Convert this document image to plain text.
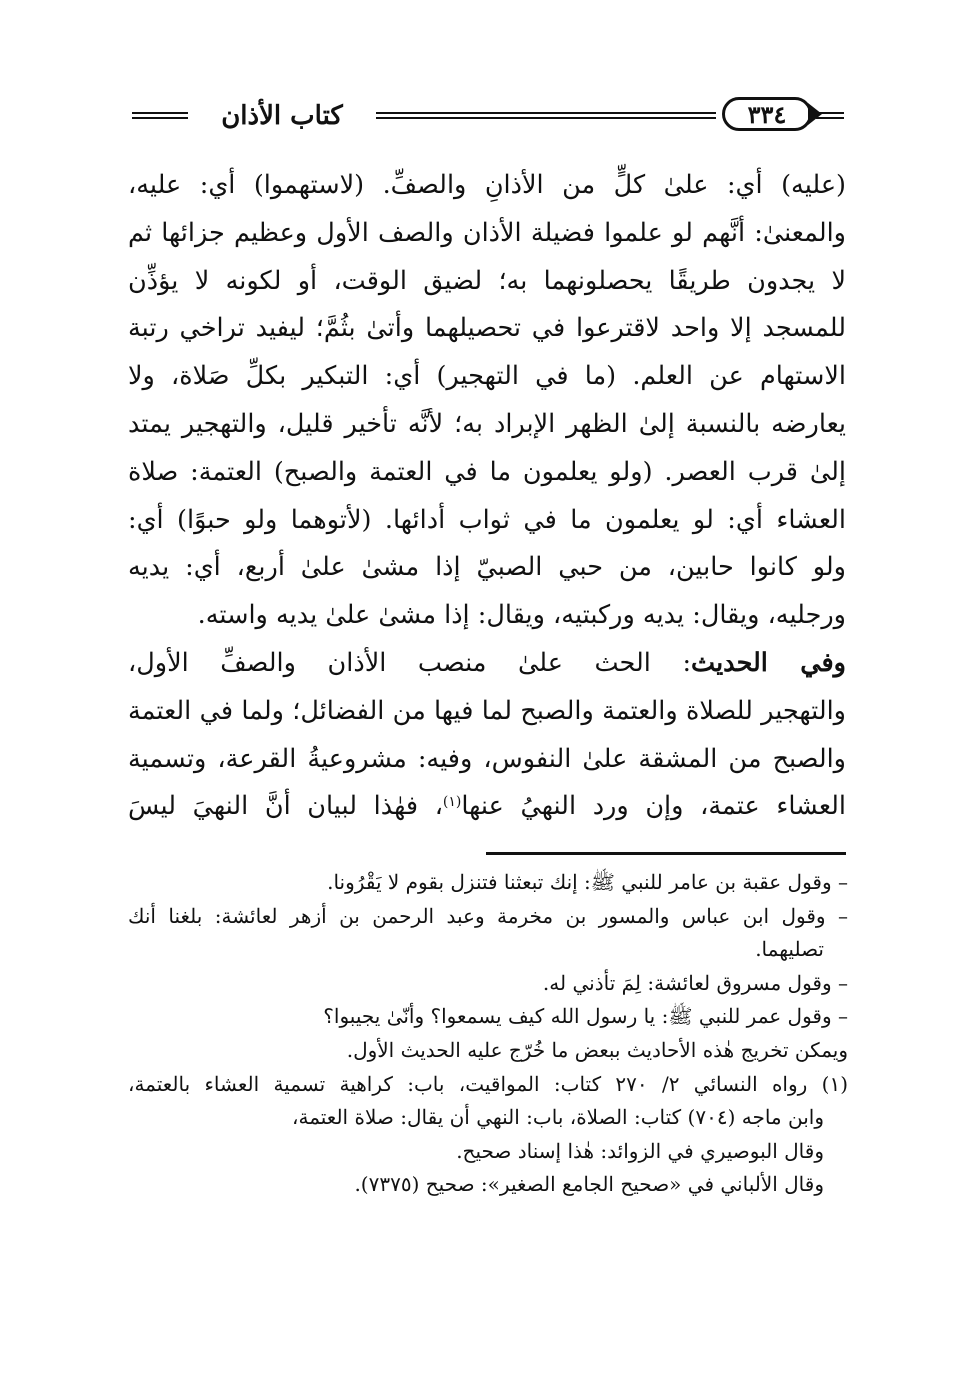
كتاب الأذان	٣٣٤
(عليه) أي: علىٰ كلٍّ من الأذانِ والصفِّ. (لاستهموا) أي: عليه،
والمعنىٰ: أنَّهم لو علموا فضيلة الأذان والصف الأول وعظيم جزائها ثم
لا يجدون طريقًا يحصلونهما به؛ لضيق الوقت، أو لكونه لا يؤذِّن
للمسجد إلا واحد لاقترعوا في تحصيلهما وأتىٰ بثُمَّ؛ ليفيد تراخي رتبة
الاستهام عن العلم. (ما في التهجير) أي: التبكير بكلِّ صَلاة، ولا
يعارضه بالنسبة إلىٰ الظهر الإبراد به؛ لأنَّه تأخير قليل، والتهجير يمتد
إلىٰ قرب العصر. (ولو يعلمون ما في العتمة والصبح) العتمة: صلاة
العشاء أي: لو يعلمون ما في ثواب أدائها. (لأتوهما ولو حبوًا) أي:
ولو كانوا حابين، من حبي الصبيّ إذا مشىٰ علىٰ أربع، أي: يديه
ورجليه، ويقال: يديه وركبتيه، ويقال: إذا مشىٰ علىٰ يديه واسته.
وفي الحديث: الحث علىٰ منصب الأذان والصفِّ الأول،
والتهجير للصلاة والعتمة والصبح لما فيها من الفضائل؛ ولما في العتمة
والصبح من المشقة علىٰ النفوس، وفيه: مشروعيةُ القرعة، وتسمية
العشاء عتمة، وإن ورد النهيُ عنها$^{(١)}$، فهٰذا لبيان أنَّ النهيَ ليسَ
– وقول عقبة بن عامر للنبي ﷺ: إنك تبعثنا فتنزل بقوم لا يَقْرُونا.
– وقول ابن عباس والمسور بن مخرمة وعبد الرحمن بن أزهر لعائشة: بلغنا أنك
تصليهما.
– وقول مسروق لعائشة: لِمَ تأذني له.
– وقول عمر للنبي ﷺ: يا رسول الله كيف يسمعوا؟ وأنّىٰ يجيبوا؟
ويمكن تخريج هٰذه الأحاديث ببعض ما خُرّج عليه الحديث الأول.
(١) رواه النسائي ٢/ ٢٧٠ كتاب: المواقيت، باب: كراهية تسمية العشاء بالعتمة،
وابن ماجه (٧٠٤) كتاب: الصلاة، باب: النهي أن يقال: صلاة العتمة،
وقال البوصيري في الزوائد: هٰذا إسناد صحيح.
وقال الألباني في «صحيح الجامع الصغير»: صحيح (٧٣٧٥).
